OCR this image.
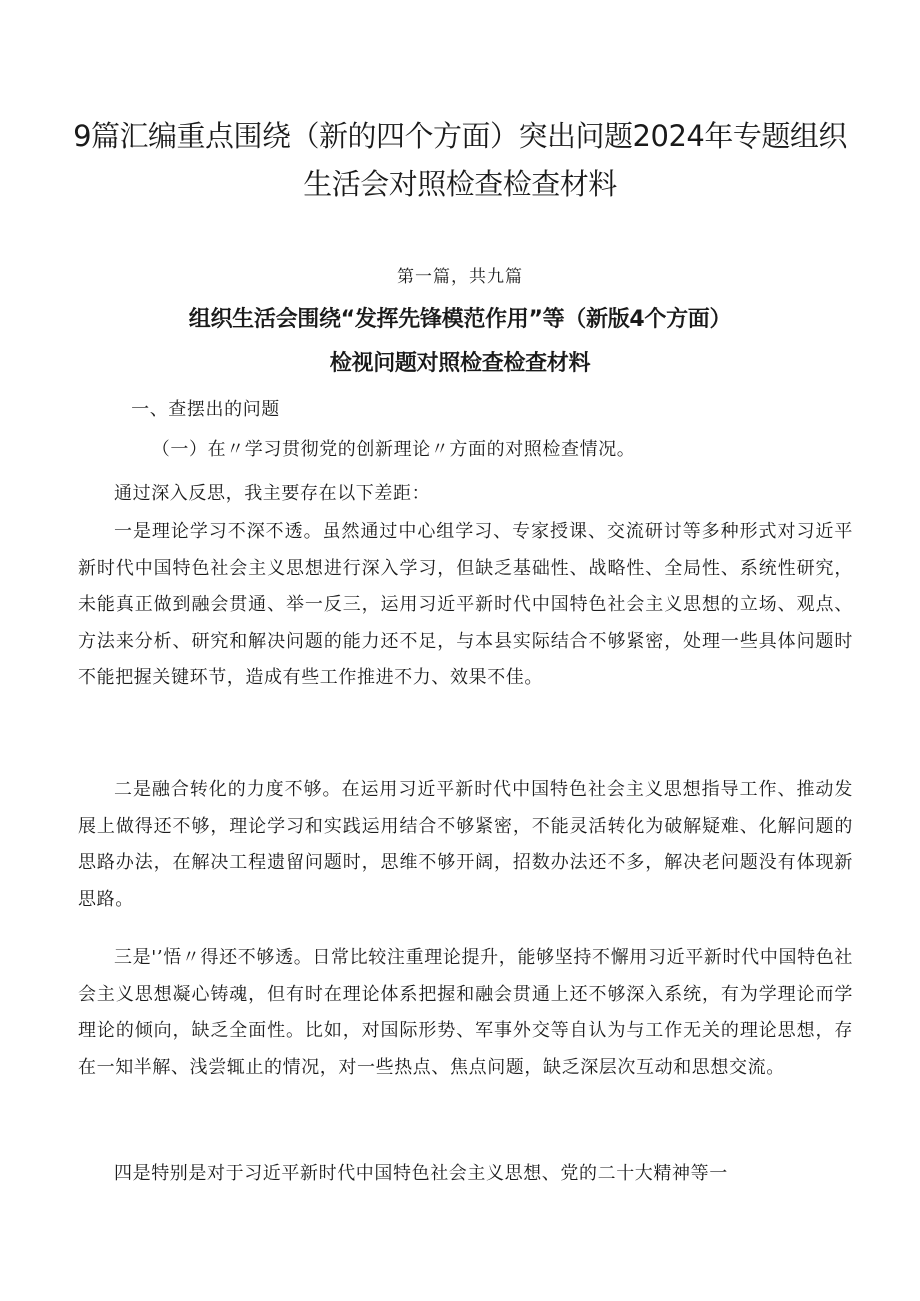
9篇汇编重点围绕（新的四个方面）突出问题2024年专题组织生活会对照检查检查材料
第一篇，共九篇
组织生活会围绕“发挥先锋模范作用”等（新版4个方面）
检视问题对照检查检查材料

一、查摆出的问题

（一）在〃学习贯彻党的创新理论〃方面的对照检查情况。

通过深入反思，我主要存在以下差距：

一是理论学习不深不透。虽然通过中心组学习、专家授课、交流研讨等多种形式对习近平新时代中国特色社会主义思想进行深入学习，但缺乏基础性、战略性、全局性、系统性研究，未能真正做到融会贯通、举一反三，运用习近平新时代中国特色社会主义思想的立场、观点、方法来分析、研究和解决问题的能力还不足，与本县实际结合不够紧密，处理一些具体问题时不能把握关键环节，造成有些工作推进不力、效果不佳。

二是融合转化的力度不够。在运用习近平新时代中国特色社会主义思想指导工作、推动发展上做得还不够，理论学习和实践运用结合不够紧密，不能灵活转化为破解疑难、化解问题的思路办法，在解决工程遗留问题时，思维不够开阔，招数办法还不多，解决老问题没有体现新思路。

三是'’悟〃得还不够透。日常比较注重理论提升，能够坚持不懈用习近平新时代中国特色社会主义思想凝心铸魂，但有时在理论体系把握和融会贯通上还不够深入系统，有为学理论而学理论的倾向，缺乏全面性。比如，对国际形势、军事外交等自认为与工作无关的理论思想，存在一知半解、浅尝辄止的情况，对一些热点、焦点问题，缺乏深层次互动和思想交流。

四是特别是对于习近平新时代中国特色社会主义思想、党的二十大精神等一
